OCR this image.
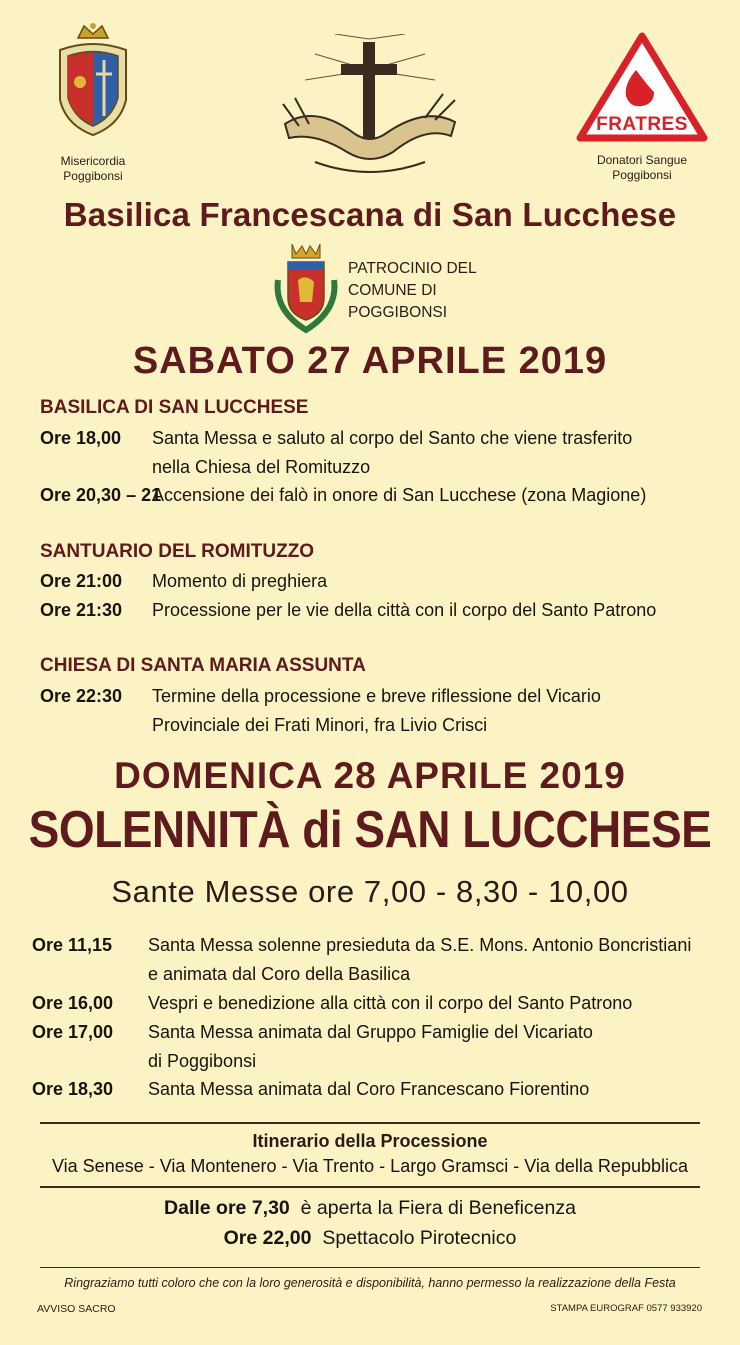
Misericordia
Poggibonsi
FRATRES
Donatori Sangue
Poggibonsi
Basilica Francescana di San Lucchese
PATROCINIO DEL
COMUNE DI
POGGIBONSI
SABATO 27 APRILE 2019
BASILICA DI SAN LUCCHESE
Ore 18,00 Santa Messa e saluto al corpo del Santo che viene trasferito
nella Chiesa del Romituzzo
Ore 20,30 – 21
Accensione dei falò in onore di San Lucchese (zona Magione)
SANTUARIO DEL ROMITUZZO
Ore 21:00 Momento di preghiera
Ore 21:30 Processione per le vie della città con il corpo del Santo Patrono
CHIESA DI SANTA MARIA ASSUNTA
Ore 22:30 Termine della processione e breve riflessione del Vicario
Provinciale dei Frati Minori, fra Livio Crisci
DOMENICA 28 APRILE 2019
SOLENNITÀ di SAN LUCCHESE
Sante Messe ore 7,00 - 8,30 - 10,00
Ore 11,15 Santa Messa solenne presieduta da S.E. Mons. Antonio Boncristiani
e animata dal Coro della Basilica
Ore 16,00 Vespri e benedizione alla città con il corpo del Santo Patrono
Ore 17,00 Santa Messa animata dal Gruppo Famiglie del Vicariato
di Poggibonsi
Ore 18,30 Santa Messa animata dal Coro Francescano Fiorentino
Itinerario della Processione
Via Senese - Via Montenero - Via Trento - Largo Gramsci - Via della Repubblica
Dalle ore 7,30 è aperta la Fiera di Beneficenza
Ore 22,00 Spettacolo Pirotecnico
Ringraziamo tutti coloro che con la loro generosità e disponibilità, hanno permesso la realizzazione della Festa
AVVISO SACRO	STAMPA EUROGRAF 0577 933920
